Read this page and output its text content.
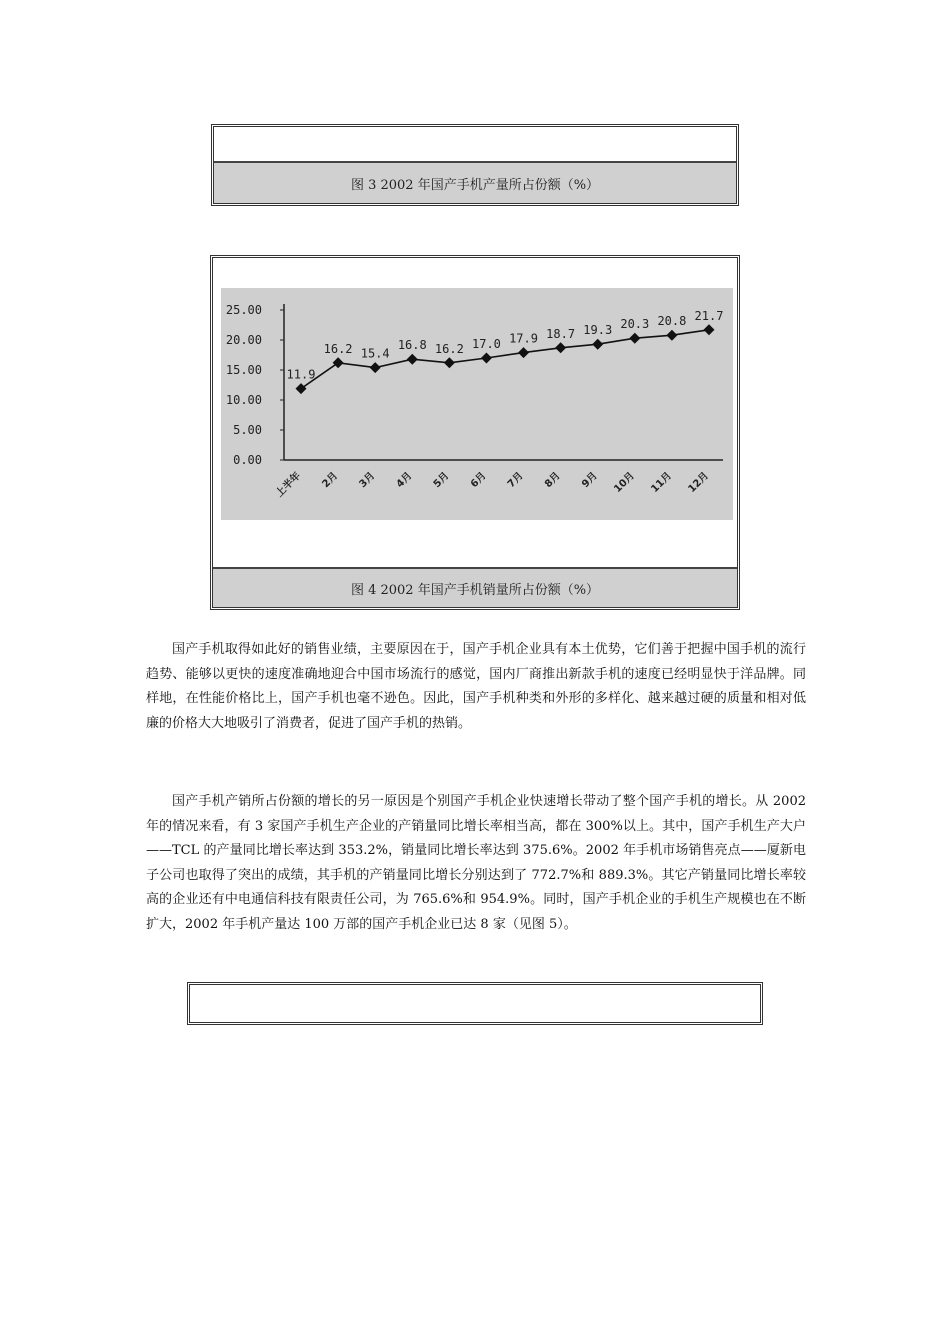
图 3 2002 年国产手机产量所占份额（%）
25.00
20.00
15.00
10.00
5.00
0.00
上半年 2月 3月 4月 5月 6月 7月 8月 9月 10月 11月 12月
11.9
16.2 15.4
16.8 16.2 17.0 17.9 18.7 19.3 20.3 20.8 21.7
图 4 2002 年国产手机销量所占份额（%）

国产手机取得如此好的销售业绩，主要原因在于，国产手机企业具有本土优势，它们善于把握中国手机的流行趋势、能够以更快的速度准确地迎合中国市场流行的感觉，国内厂商推出新款手机的速度已经明显快于洋品牌。同样地，在性能价格比上，国产手机也毫不逊色。因此，国产手机种类和外形的多样化、越来越过硬的质量和相对低廉的价格大大地吸引了消费者，促进了国产手机的热销。

国产手机产销所占份额的增长的另一原因是个别国产手机企业快速增长带动了整个国产手机的增长。从 2002 年的情况来看，有 3 家国产手机生产企业的产销量同比增长率相当高，都在 300%以上。其中，国产手机生产大户——TCL 的产量同比增长率达到 353.2%，销量同比增长率达到 375.6%。2002 年手机市场销售亮点——厦新电子公司也取得了突出的成绩，其手机的产销量同比增长分别达到了 772.7%和 889.3%。其它产销量同比增长率较高的企业还有中电通信科技有限责任公司，为 765.6%和 954.9%。同时，国产手机企业的手机生产规模也在不断扩大，2002 年手机产量达 100 万部的国产手机企业已达 8 家（见图 5）。
